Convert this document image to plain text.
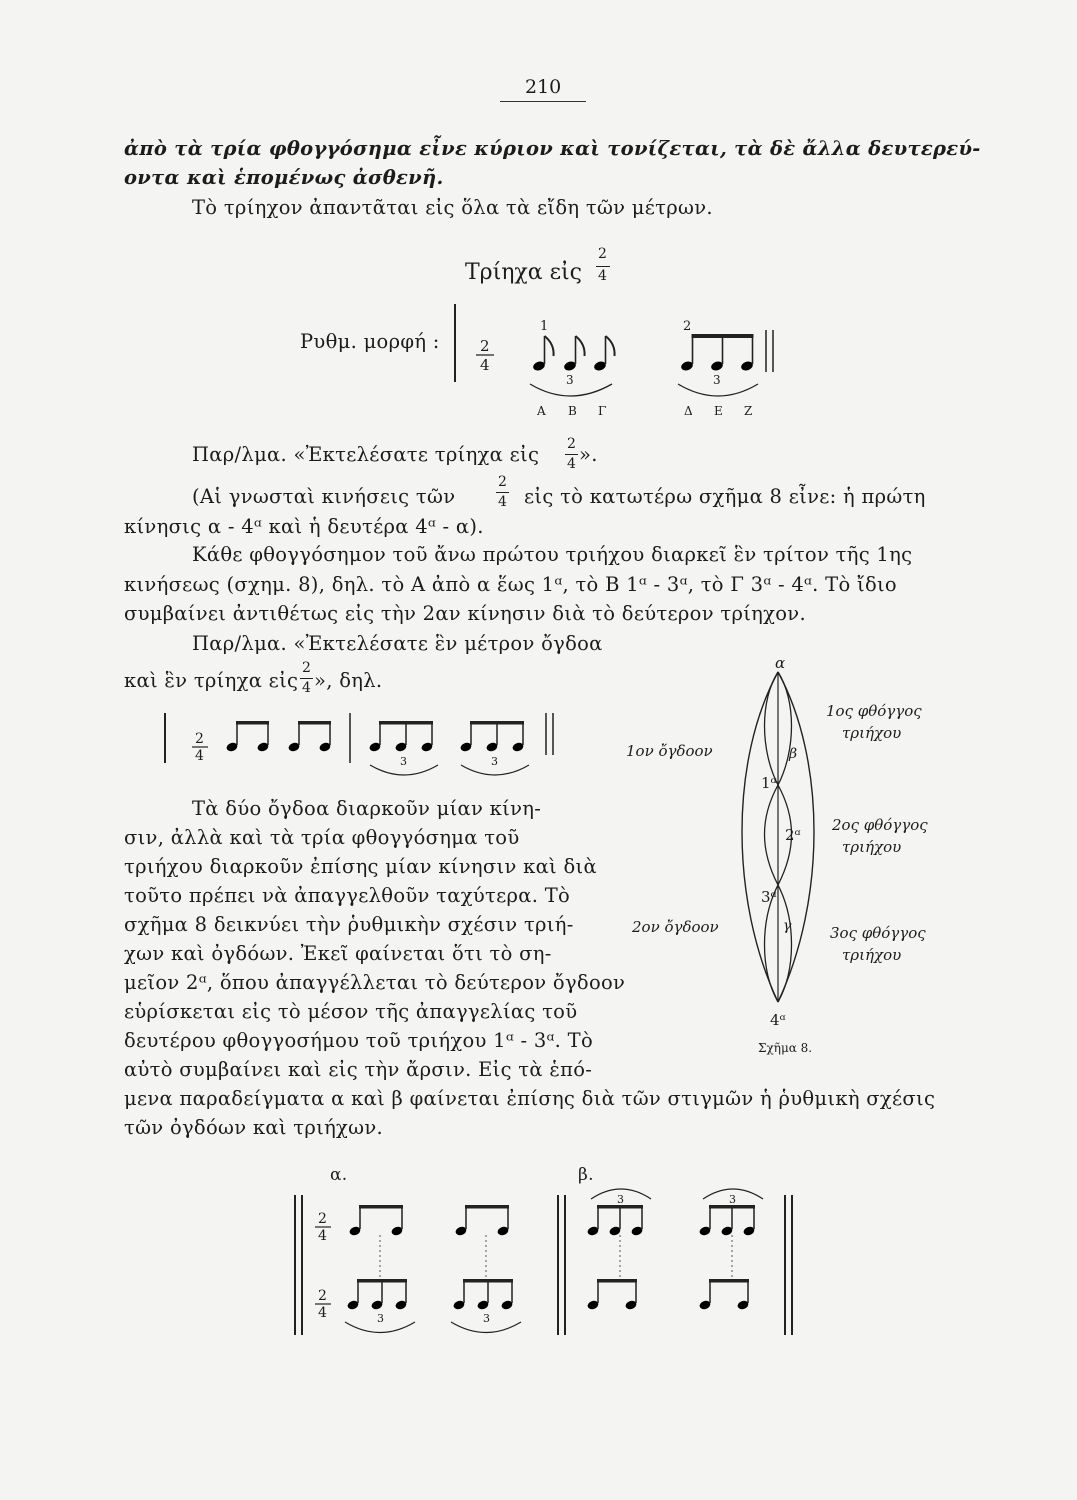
210
ἀπὸ τὰ τρία φθογγόσημα εἶνε κύριον καὶ τονίζεται, τὰ δὲ ἄλλα δευτερεύ-
οντα καὶ ἑπομένως ἀσθενῆ.
Τὸ τρίηχον ἀπαντᾶται εἰς ὅλα τὰ εἴδη τῶν μέτρων.
Τρίηχα εἰς
2
4
Ρυθμ. μορφή :	2
4
1	2
3	3
Α Β Γ	Δ Ε Ζ
Παρ/λμα. «Ἐκτελέσατε τρίηχα εἰς 2
4 ».
(Αἱ γνωσταὶ κινήσεις τῶν
2
4 εἰς τὸ κατωτέρω σχῆμα 8 εἶνε: ἡ πρώτη
κίνησις α - 4ᵅ καὶ ἡ δευτέρα 4ᵅ - α).
Κάθε φθογγόσημον τοῦ ἄνω πρώτου τριήχου διαρκεῖ ἓν τρίτον τῆς 1ης
κινήσεως (σχημ. 8), δηλ. τὸ Α ἀπὸ α ἕως 1ᵅ, τὸ Β 1ᵅ - 3ᵅ, τὸ Γ 3ᵅ - 4ᵅ. Τὸ ἴδιο
συμβαίνει ἀντιθέτως εἰς τὴν 2αν κίνησιν διὰ τὸ δεύτερον τρίηχον.
Παρ/λμα. «Ἐκτελέσατε ἓν μέτρον ὄγδοα
καὶ ἓν τρίηχα εἰς
2
4 », δηλ.
2
4	3	3
Τὰ δύο ὄγδοα διαρκοῦν μίαν κίνη-
σιν, ἀλλὰ καὶ τὰ τρία φθογγόσημα τοῦ
τριήχου διαρκοῦν ἐπίσης μίαν κίνησιν καὶ διὰ
τοῦτο πρέπει νὰ ἀπαγγελθοῦν ταχύτερα. Τὸ
σχῆμα 8 δεικνύει τὴν ῥυθμικὴν σχέσιν τριή-
χων καὶ ὀγδόων. Ἐκεῖ φαίνεται ὅτι τὸ ση-
μεῖον 2ᵅ, ὅπου ἀπαγγέλλεται τὸ δεύτερον ὄγδοον
εὑρίσκεται εἰς τὸ μέσον τῆς ἀπαγγελίας τοῦ
δευτέρου φθογγοσήμου τοῦ τριήχου 1ᵅ - 3ᵅ. Τὸ
αὐτὸ συμβαίνει καὶ εἰς τὴν ἄρσιν. Εἰς τὰ ἑπό-
μενα παραδείγματα α καὶ β φαίνεται ἐπίσης διὰ τῶν στιγμῶν ἡ ῥυθμικὴ σχέσις
τῶν ὀγδόων καὶ τριήχων.
α
β
1ᵅ
2ᵅ
3ᵅ
γ
4ᵅ
1ον ὄγδοον
2ον ὄγδοον
1ος φθόγγος
τριήχου
2ος φθόγγος
τριήχου
3ος φθόγγος
τριήχου
Σχῆμα 8.
α.	β.
2
4
2
4	3	3
3	3
